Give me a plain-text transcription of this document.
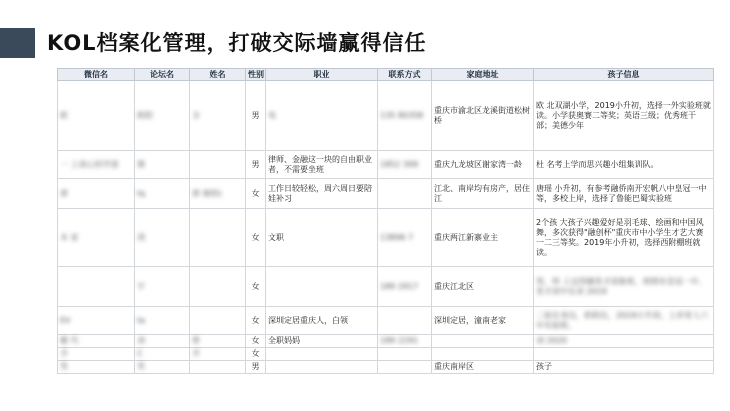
KOL档案化管理，打破交际墙赢得信任
微信名	论坛名	姓名	性别	职业	联系方式	家庭地址	孩子信息
欧	欧阳	全	男	电	135 80358	重庆市渝北区龙溪街道松树桥	欧 北双湖小学，2019小升初，选择一外实验班就读。小学获奥赛二等奖；英语三级；优秀班干部；美德少年
一 上进心的学渣	慎		男	律师、金融这一块的自由职业者，不需要坐班	1852 399	重庆九龙坡区谢家湾一龄	杜 名考上学而思兴趣小组集训队。
唐	tq	唐 骑妈)	女	工作日较轻松，周六周日要陪娃补习		江北、南岸均有房产，居住江	唐瑶 小升初，有参考融侨南开宏帆八中皇冠一中等，多校上岸，选择了鲁能巴蜀实验班
未 家	剑		女	文职	13896 7	重庆两江新寨业主	2个孩 大孩子兴趣爱好是羽毛球、绘画和中国风舞，多次获得"融创杯"重庆市中小学生才艺大赛一二三等奖。2019年小升初，选择西附棚班就读。
	宇		女		189 2917	重庆江北区	男，科 上过西辅育才国象班，周围有皇冠一中、育才初中在读 2019
EV	ta		女	深圳定居重庆人，白领		深圳定居，潼南老家	二娃在身边，奶奶住，2019小升初，上岸育人六中实验班。
健 代	刘	曾	女	全职妈妈	189 2291		刘 2020
齐	C	齐	女				
笑	笑		男			重庆南岸区	孩子
